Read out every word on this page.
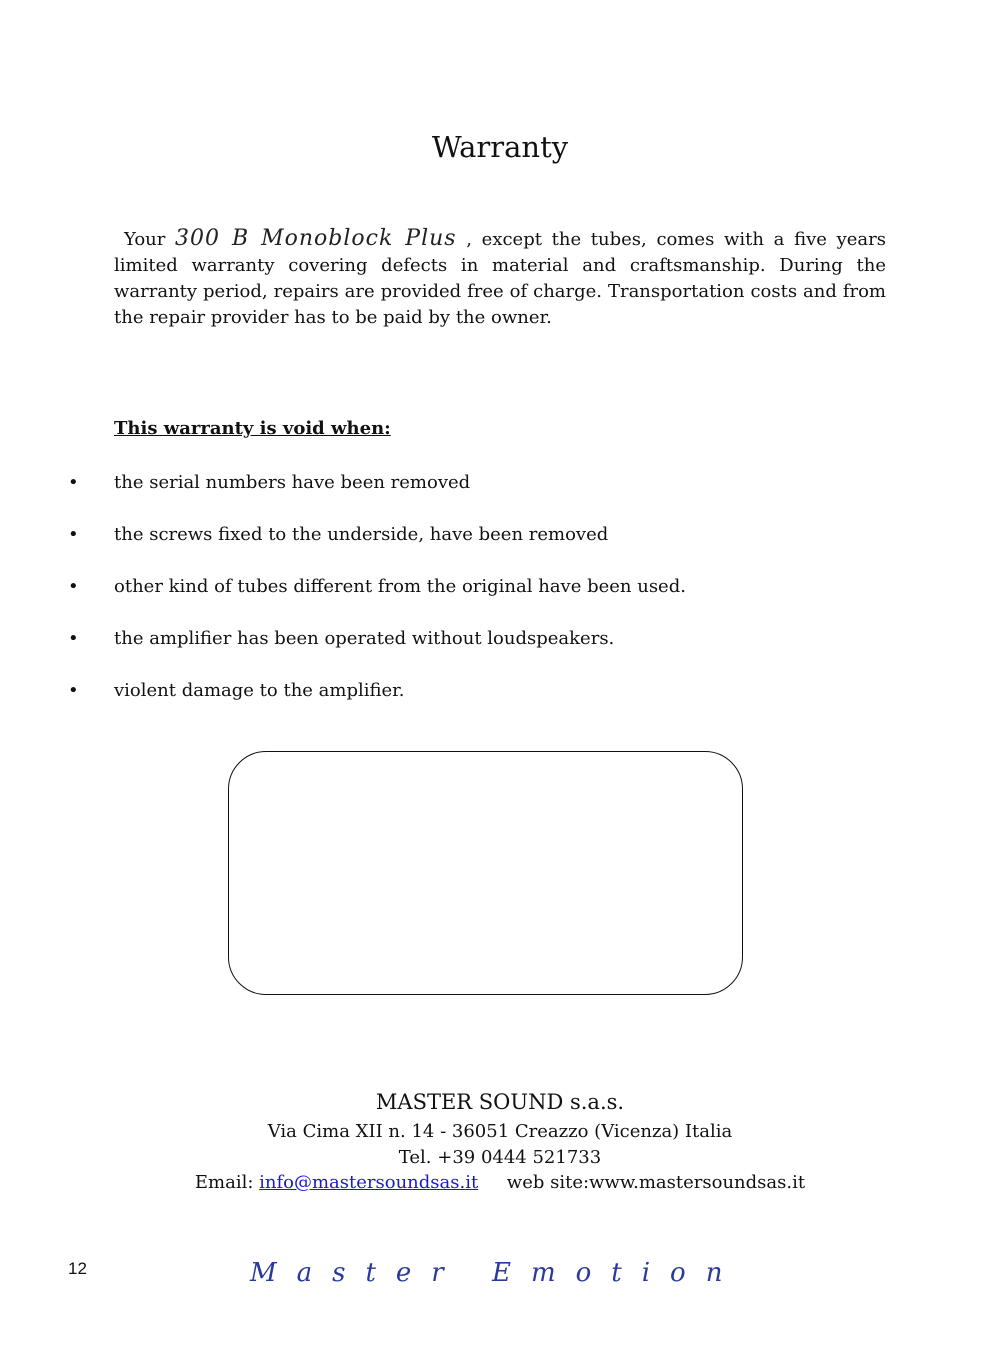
Warranty
Your 300 B Monoblock Plus , except the tubes, comes with a five years limited warranty covering defects in material and craftsmanship. During the warranty period, repairs are provided free of charge. Transportation costs and from the repair provider has to be paid by the owner.
This warranty is void when:
• the serial numbers have been removed
• the screws fixed to the underside, have been removed
• other kind of tubes different from the original have been used.
• the amplifier has been operated without loudspeakers.
• violent damage to the amplifier.
MASTER SOUND s.a.s.
Via Cima XII n. 14 - 36051 Creazzo (Vicenza) Italia
Tel. +39 0444 521733
Email: info@mastersoundsas.it     web site:www.mastersoundsas.it
12	Master Emotion
